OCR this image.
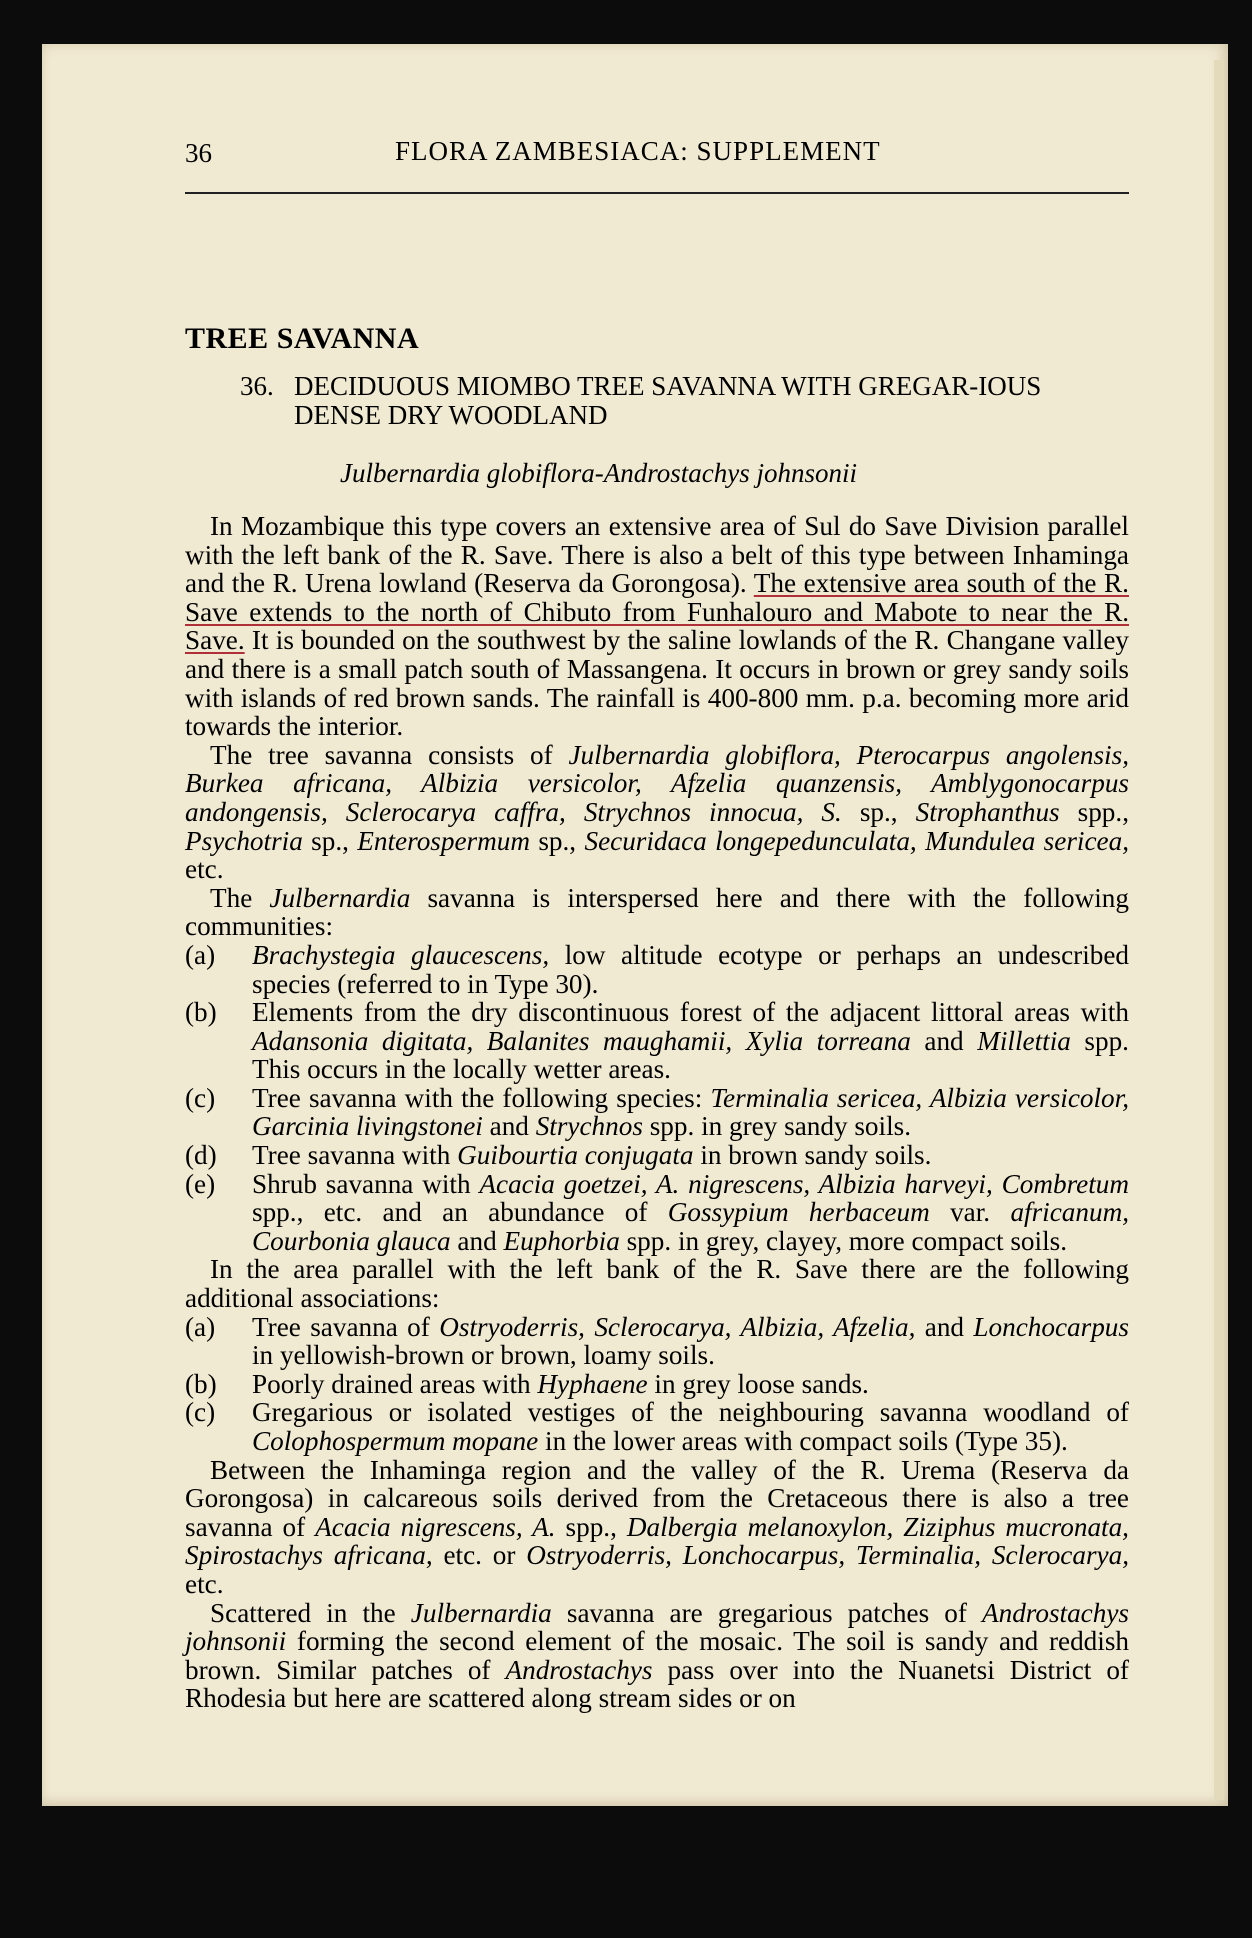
36	FLORA ZAMBESIACA: SUPPLEMENT
TREE SAVANNA
36. DECIDUOUS MIOMBO TREE SAVANNA WITH GREGAR-IOUS DENSE DRY WOODLAND
Julbernardia globiflora-Androstachys johnsonii

In Mozambique this type covers an extensive area of Sul do Save Division parallel with the left bank of the R. Save. There is also a belt of this type between Inhaminga and the R. Urena lowland (Reserva da Gorongosa). The extensive area south of the R. Save extends to the north of Chibuto from Funhalouro and Mabote to near the R. Save. It is bounded on the southwest by the saline lowlands of the R. Changane valley and there is a small patch south of Massangena. It occurs in brown or grey sandy soils with islands of red brown sands. The rainfall is 400-800 mm. p.a. becoming more arid towards the interior.

The tree savanna consists of Julbernardia globiflora, Pterocarpus angolensis, Burkea africana, Albizia versicolor, Afzelia quanzensis, Amblygonocarpus andongensis, Sclerocarya caffra, Strychnos innocua, S. sp., Strophanthus spp., Psychotria sp., Enterospermum sp., Securidaca longepedunculata, Mundulea sericea, etc.

The Julbernardia savanna is interspersed here and there with the following communities:

(a)	Brachystegia glaucescens, low altitude ecotype or perhaps an undescribed species (referred to in Type 30).
(b)	Elements from the dry discontinuous forest of the adjacent littoral areas with Adansonia digitata, Balanites maughamii, Xylia torreana and Millettia spp. This occurs in the locally wetter areas.
(c)	Tree savanna with the following species: Terminalia sericea, Albizia versicolor, Garcinia livingstonei and Strychnos spp. in grey sandy soils.
(d)	Tree savanna with Guibourtia conjugata in brown sandy soils.
(e)	Shrub savanna with Acacia goetzei, A. nigrescens, Albizia harveyi, Combretum spp., etc. and an abundance of Gossypium herbaceum var. africanum, Courbonia glauca and Euphorbia spp. in grey, clayey, more compact soils.

In the area parallel with the left bank of the R. Save there are the following additional associations:

(a)	Tree savanna of Ostryoderris, Sclerocarya, Albizia, Afzelia, and Lonchocarpus in yellowish-brown or brown, loamy soils.
(b)	Poorly drained areas with Hyphaene in grey loose sands.
(c)	Gregarious or isolated vestiges of the neighbouring savanna woodland of Colophospermum mopane in the lower areas with compact soils (Type 35).

Between the Inhaminga region and the valley of the R. Urema (Reserva da Gorongosa) in calcareous soils derived from the Cretaceous there is also a tree savanna of Acacia nigrescens, A. spp., Dalbergia melanoxylon, Ziziphus mucronata, Spirostachys africana, etc. or Ostryoderris, Lonchocarpus, Terminalia, Sclerocarya, etc.

Scattered in the Julbernardia savanna are gregarious patches of Androstachys johnsonii forming the second element of the mosaic. The soil is sandy and reddish brown. Similar patches of Androstachys pass over into the Nuanetsi District of Rhodesia but here are scattered along stream sides or on
